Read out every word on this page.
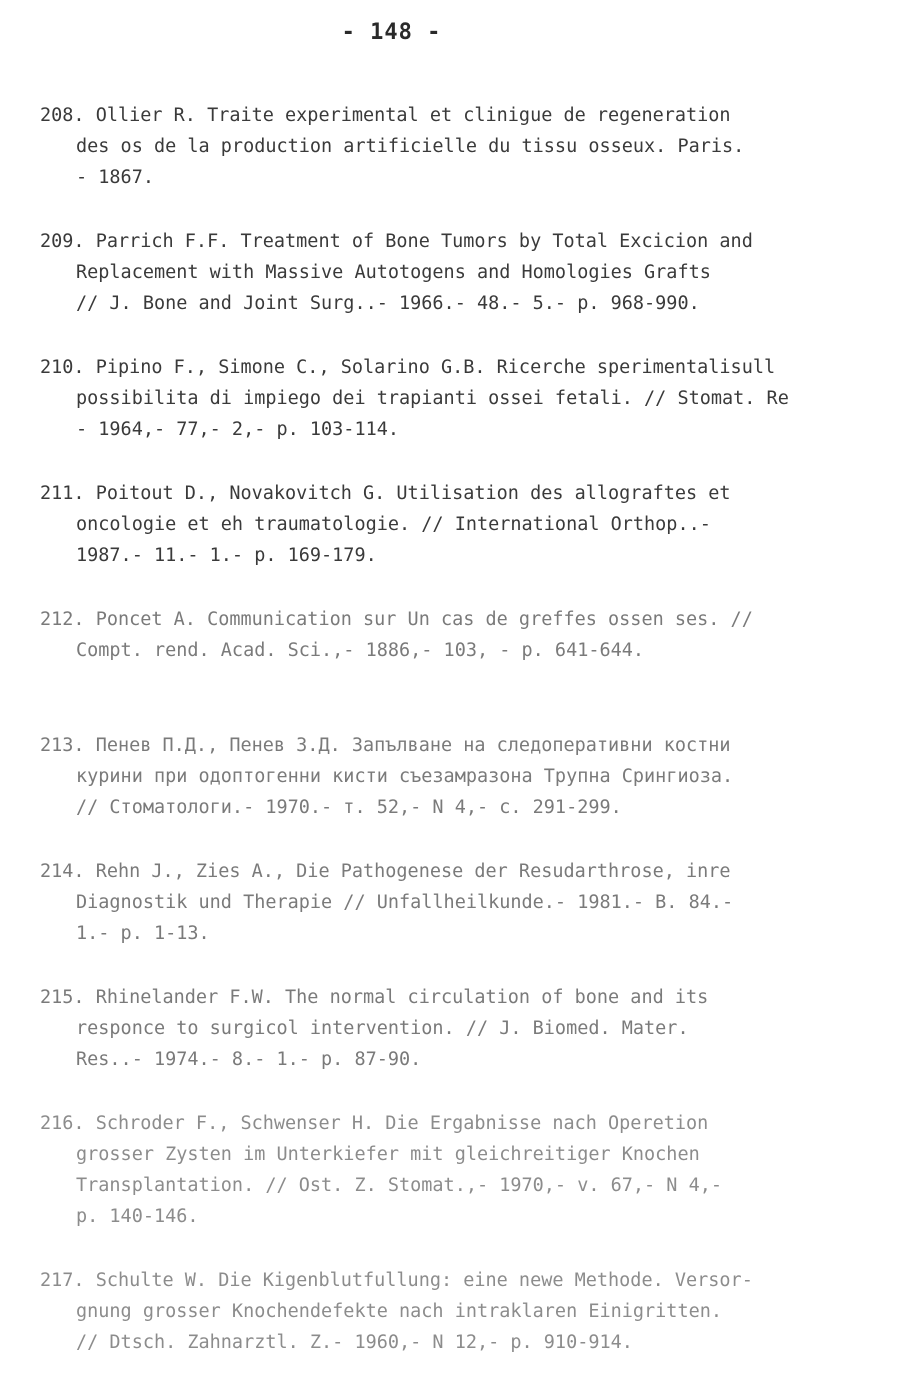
- 148 -
208. Ollier R. Traite experimental et clinigue de regeneration
des os de la production artificielle du tissu osseux. Paris.
- 1867.
209. Parrich F.F. Treatment of Bone Tumors by Total Excicion and
Replacement with Massive Autotogens and Homologies Grafts
// J. Bone and Joint Surg..- 1966.- 48.- 5.- p. 968-990.
210. Pipino F., Simone C., Solarino G.B. Ricerche sperimentalisull
possibilita di impiego dei trapianti ossei fetali. // Stomat. Re
- 1964,- 77,- 2,- p. 103-114.
211. Poitout D., Novakovitch G. Utilisation des allograftes et
oncologie et eh traumatologie. // International Orthop..-
1987.- 11.- 1.- p. 169-179.
212. Poncet A. Communication sur Un cas de greffes ossen ses. //
Compt. rend. Acad. Sci.,- 1886,- 103, - p. 641-644.
213. Пенев П.Д., Пенев З.Д. Запълване на следоперативни костни
курини при одоптогенни кисти съезамразона Трупна Срингиоза.
// Стоматологи.- 1970.- т. 52,- N 4,- с. 291-299.
214. Rehn J., Zies A., Die Pathogenese der Resudarthrose, inre
Diagnostik und Therapie // Unfallheilkunde.- 1981.- B. 84.-
1.- p. 1-13.
215. Rhinelander F.W. The normal circulation of bone and its
responce to surgicol intervention. // J. Biomed. Mater.
Res..- 1974.- 8.- 1.- p. 87-90.
216. Schroder F., Schwenser H. Die Ergabnisse nach Operetion
grosser Zysten im Unterkiefer mit gleichreitiger Knochen
Transplantation. // Ost. Z. Stomat.,- 1970,- v. 67,- N 4,-
p. 140-146.
217. Schulte W. Die Kigenblutfullung: eine newe Methode. Versor-
gnung grosser Knochendefekte nach intraklaren Einigritten.
// Dtsch. Zahnarztl. Z.- 1960,- N 12,- p. 910-914.
